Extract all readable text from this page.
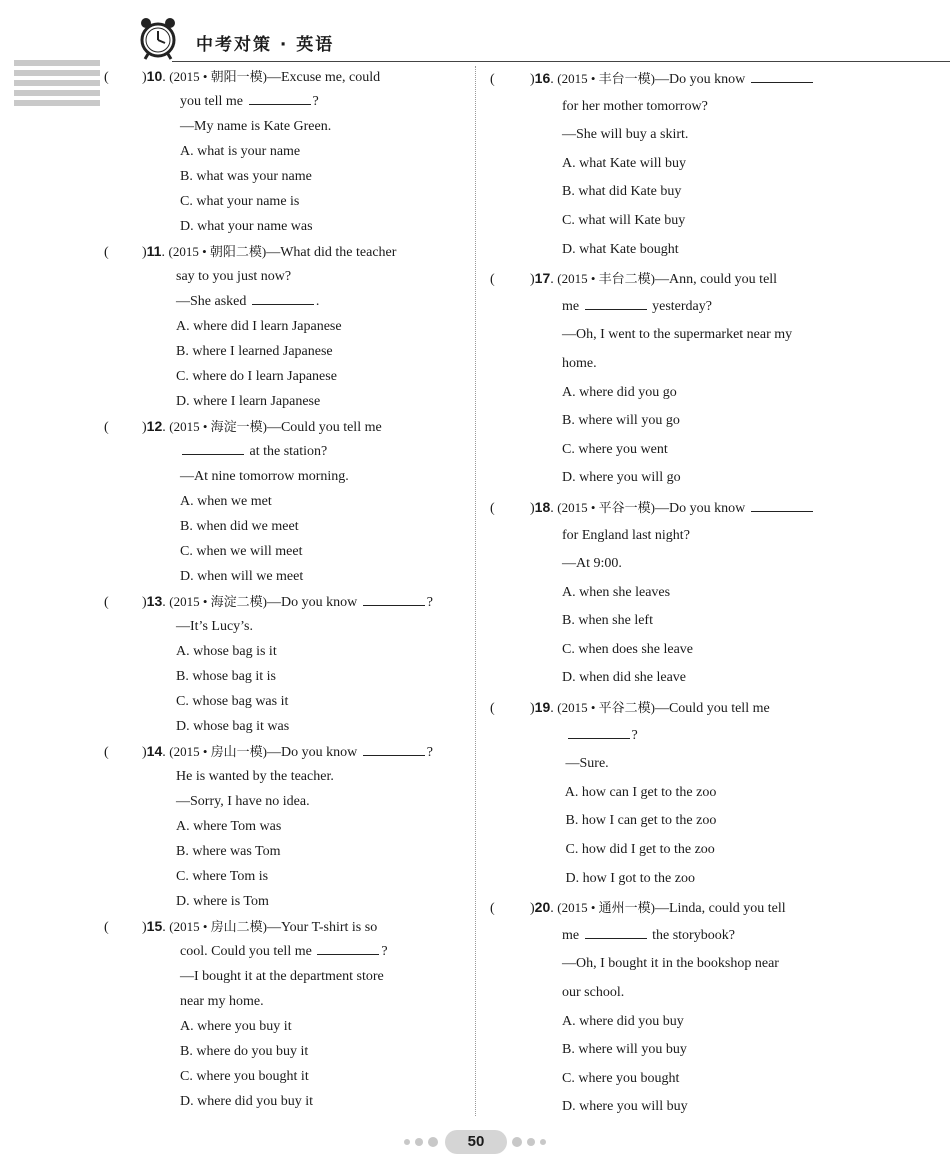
中考对策 · 英语
( )10. (2015 • 朝阳一模)—Excuse me, could
you tell me	?
—My name is Kate Green.
A. what is your name
B. what was your name
C. what your name is
D. what your name was
( )11. (2015 • 朝阳二模)—What did the teacher
say to you just now?
—She asked	.
A. where did I learn Japanese
B. where I learned Japanese
C. where do I learn Japanese
D. where I learn Japanese
( )12. (2015 • 海淀一模)—Could you tell me
at the station?
—At nine tomorrow morning.
A. when we met
B. when did we meet
C. when we will meet
D. when will we meet
( )13. (2015 • 海淀二模)—Do you know	?
—It’s Lucy’s.
A. whose bag is it
B. whose bag it is
C. whose bag was it
D. whose bag it was
( )14. (2015 • 房山一模)—Do you know	?
He is wanted by the teacher.
—Sorry, I have no idea.
A. where Tom was
B. where was Tom
C. where Tom is
D. where is Tom
( )15. (2015 • 房山二模)—Your T-shirt is so
cool. Could you tell me	?
—I bought it at the department store
near my home.
A. where you buy it
B. where do you buy it
C. where you bought it
D. where did you buy it
(	)16. (2015 • 丰台一模)—Do you know
for her mother tomorrow?
—She will buy a skirt.
A. what Kate will buy
B. what did Kate buy
C. what will Kate buy
D. what Kate bought
(	)17. (2015 • 丰台二模)—Ann, could you tell
me	yesterday?
—Oh, I went to the supermarket near my
home.
A. where did you go
B. where will you go
C. where you went
D. where you will go
(	)18. (2015 • 平谷一模)—Do you know
for England last night?
—At 9:00.
A. when she leaves
B. when she left
C. when does she leave
D. when did she leave
(	)19. (2015 • 平谷二模)—Could you tell me
?
—Sure.
A. how can I get to the zoo
B. how I can get to the zoo
C. how did I get to the zoo
D. how I got to the zoo
(	)20. (2015 • 通州一模)—Linda, could you tell
me	the storybook?
—Oh, I bought it in the bookshop near
our school.
A. where did you buy
B. where will you buy
C. where you bought
D. where you will buy
50
